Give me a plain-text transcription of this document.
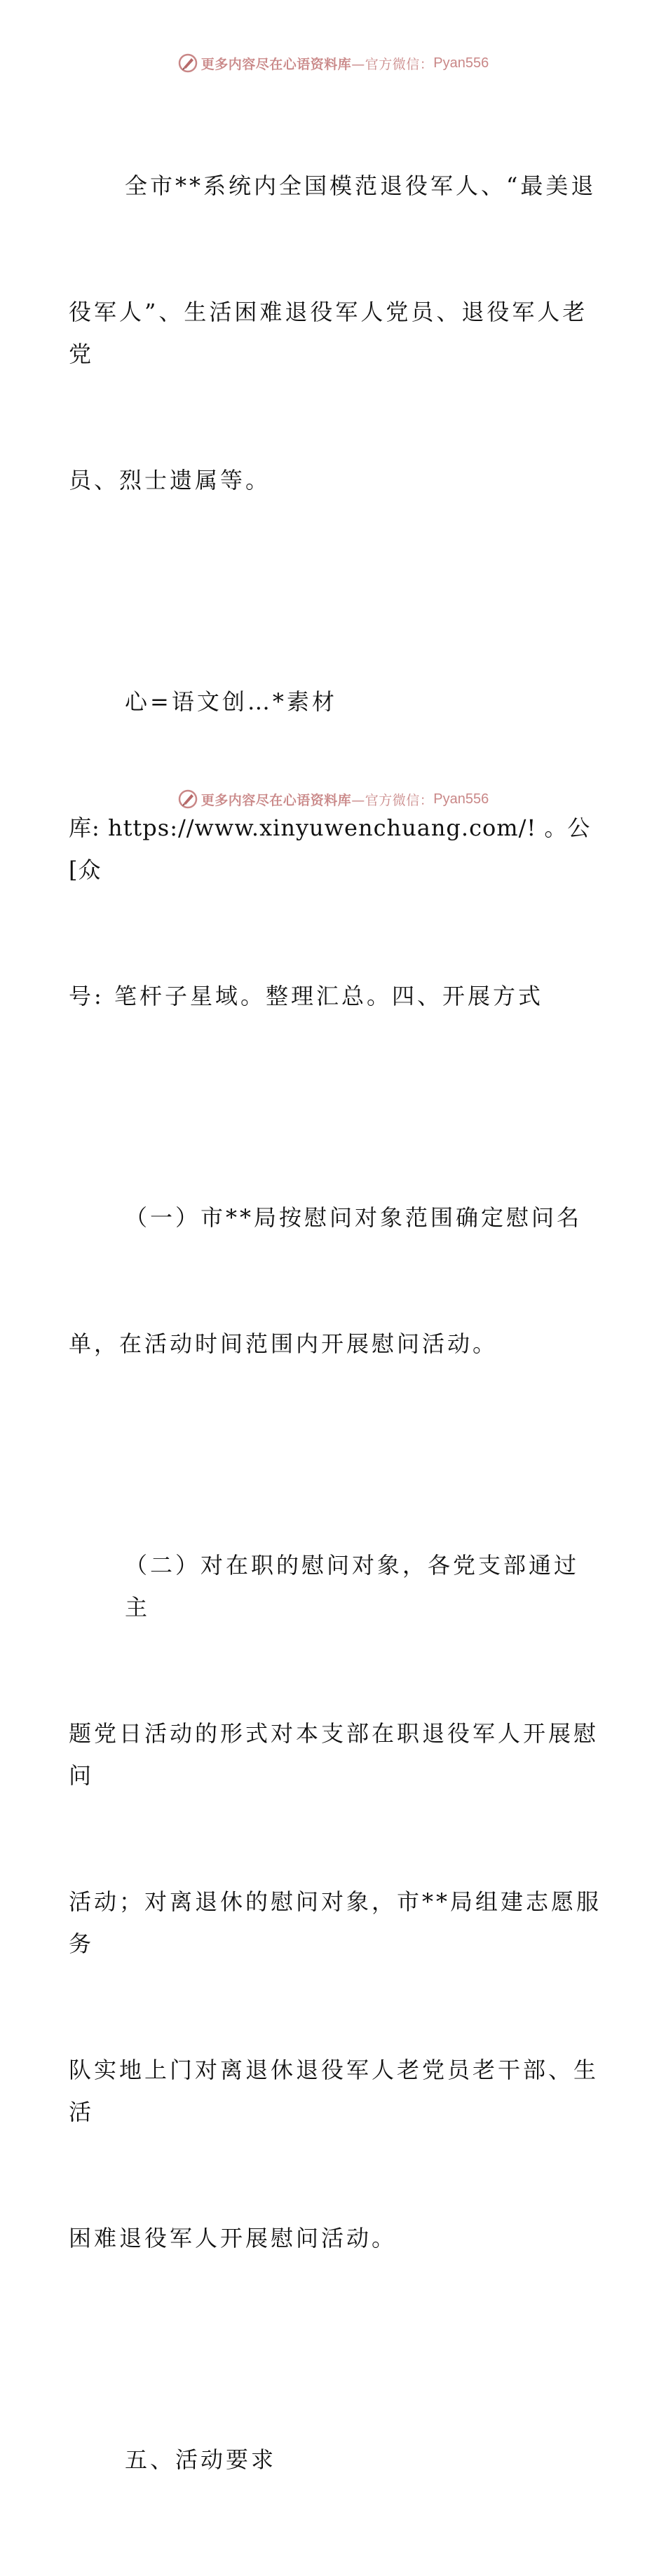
更多内容尽在心语资料库 —官方微信： Pyan556

全市**系统内全国模范退役军人、“最美退

役军人”、生活困难退役军人党员、退役军人老党

员、烈士遗属等。

心=语文创…*素材

库: https://www.xinyuwenchuang.com/! 。公[众

号: 笔杆子星域。整理汇总。四、开展方式

（一）市**局按慰问对象范围确定慰问名

单，在活动时间范围内开展慰问活动。

（二）对在职的慰问对象，各党支部通过主

题党日活动的形式对本支部在职退役军人开展慰问

活动；对离退休的慰问对象，市**局组建志愿服务

队实地上门对离退休退役军人老党员老干部、生活

困难退役军人开展慰问活动。

五、活动要求

更多内容尽在心语资料库 —官方微信： Pyan556
